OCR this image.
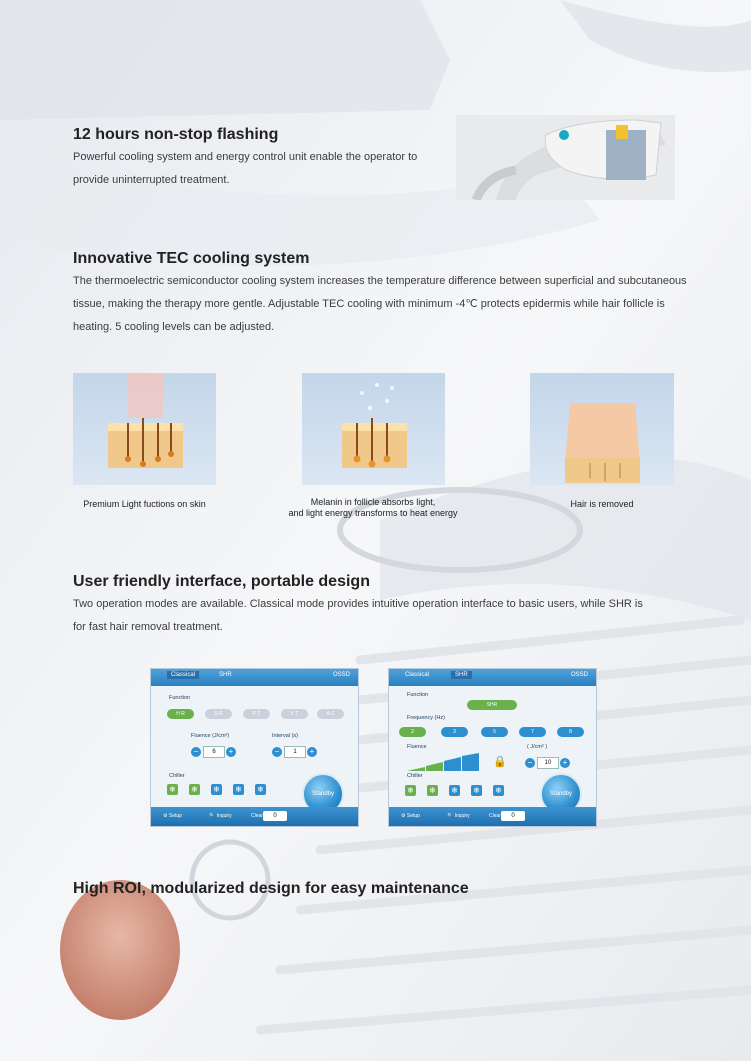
12 hours non-stop flashing

Powerful cooling system and energy control unit enable the operator to

provide uninterrupted treatment.

Innovative TEC cooling system

The thermoelectric semiconductor cooling system increases the temperature difference between superficial and subcutaneous

tissue, making the therapy more gentle. Adjustable TEC cooling with minimum -4℃ protects epidermis while hair follicle is

heating. 5 cooling levels can be adjusted.

Premium Light fuctions on skin	Melanin in follicle absorbs light,
and light energy transforms to heat energy
Hair is removed
User friendly interface, portable design

Two operation modes are available. Classical mode provides intuitive operation interface to basic users, while SHR is

for fast hair removal treatment.

Classical	SHR	OSSD
Function
H R	S R	P T	V T	A C
Fluence (J/cm²)
−	6	+
Interval (s)
−	1	+
Chiller
❄ ❄ ❄ ❄ ❄	Standby
⚙ Setup	🔍 Inquiry	Clear	0
Classical	SHR	OSSD
Function
SHR
Frequency (Hz)
2	3	5	7	8
Fluence	( J/cm² )
🔒	−	10	+
Chiller
❄ ❄ ❄ ❄ ❄	Standby
⚙ Setup	🔍 Inquiry	Clear	0
High ROI, modularized design for easy maintenance
